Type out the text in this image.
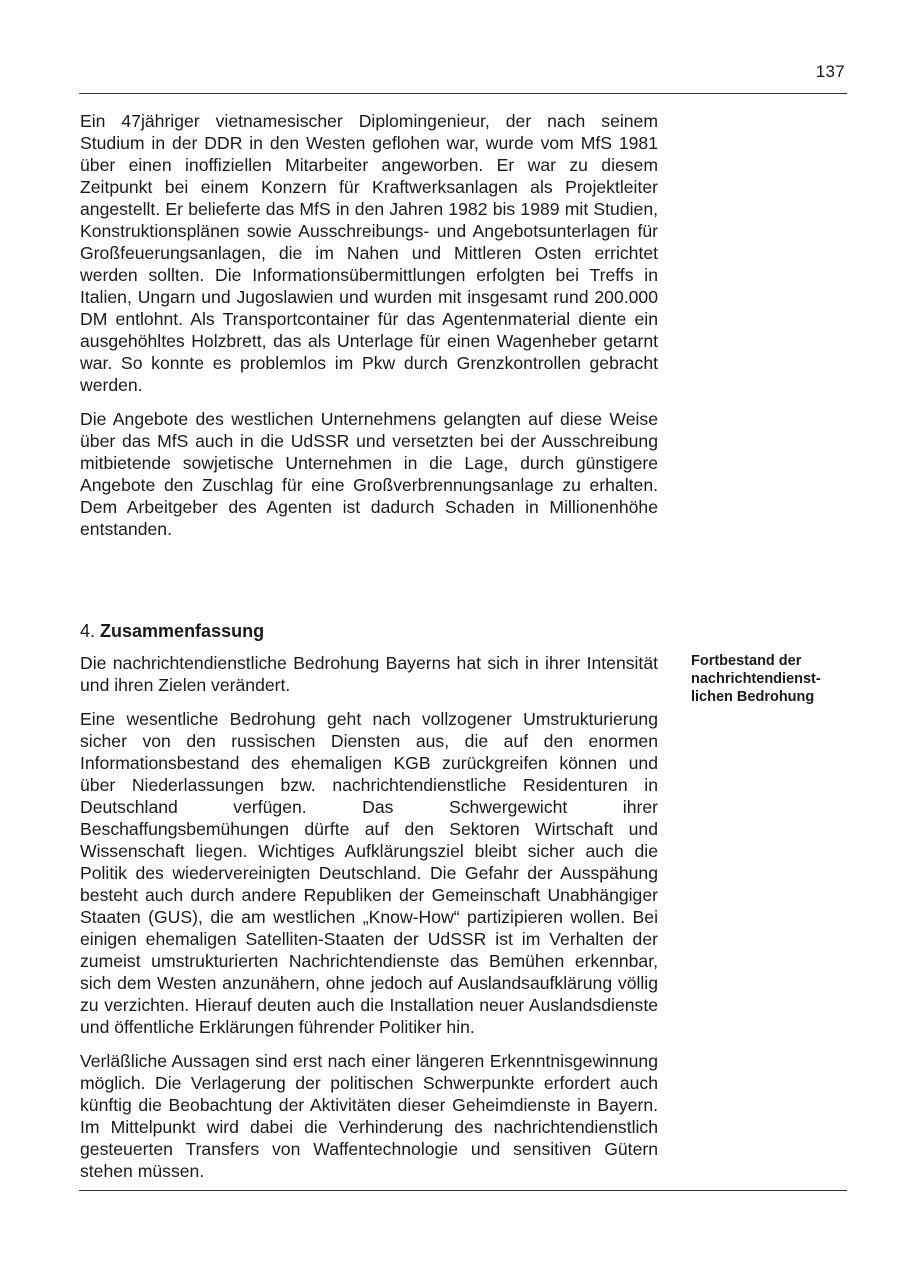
137

Ein 47jähriger vietnamesischer Diplomingenieur, der nach seinem Studium in der DDR in den Westen geflohen war, wurde vom MfS 1981 über einen inoffiziellen Mitarbeiter angeworben. Er war zu diesem Zeitpunkt bei einem Konzern für Kraftwerksanlagen als Projektleiter angestellt. Er belieferte das MfS in den Jahren 1982 bis 1989 mit Studien, Konstruktionsplänen sowie Ausschreibungs- und Angebotsunterlagen für Großfeuerungsanlagen, die im Nahen und Mittleren Osten errichtet werden sollten. Die Informationsübermittlungen erfolgten bei Treffs in Italien, Ungarn und Jugoslawien und wurden mit insgesamt rund 200.000 DM entlohnt. Als Transportcontainer für das Agentenmaterial diente ein ausgehöhltes Holzbrett, das als Unterlage für einen Wagenheber getarnt war. So konnte es problemlos im Pkw durch Grenzkontrollen gebracht werden.

Die Angebote des westlichen Unternehmens gelangten auf diese Weise über das MfS auch in die UdSSR und versetzten bei der Ausschreibung mitbietende sowjetische Unternehmen in die Lage, durch günstigere Angebote den Zuschlag für eine Großverbrennungsanlage zu erhalten. Dem Arbeitgeber des Agenten ist dadurch Schaden in Millionenhöhe entstanden.

4. Zusammenfassung

Die nachrichtendienstliche Bedrohung Bayerns hat sich in ihrer Intensität und ihren Zielen verändert.

Eine wesentliche Bedrohung geht nach vollzogener Umstrukturierung sicher von den russischen Diensten aus, die auf den enormen Informationsbestand des ehemaligen KGB zurückgreifen können und über Niederlassungen bzw. nachrichtendienstliche Residenturen in Deutschland verfügen. Das Schwergewicht ihrer Beschaffungsbemühungen dürfte auf den Sektoren Wirtschaft und Wissenschaft liegen. Wichtiges Aufklärungsziel bleibt sicher auch die Politik des wiedervereinigten Deutschland. Die Gefahr der Ausspähung besteht auch durch andere Republiken der Gemeinschaft Unabhängiger Staaten (GUS), die am westlichen „Know-How“ partizipieren wollen. Bei einigen ehemaligen Satelliten-Staaten der UdSSR ist im Verhalten der zumeist umstrukturierten Nachrichtendienste das Bemühen erkennbar, sich dem Westen anzunähern, ohne jedoch auf Auslandsaufklärung völlig zu verzichten. Hierauf deuten auch die Installation neuer Auslandsdienste und öffentliche Erklärungen führender Politiker hin.

Verläßliche Aussagen sind erst nach einer längeren Erkenntnisgewinnung möglich. Die Verlagerung der politischen Schwerpunkte erfordert auch künftig die Beobachtung der Aktivitäten dieser Geheimdienste in Bayern. Im Mittelpunkt wird dabei die Verhinderung des nachrichtendienstlich gesteuerten Transfers von Waffentechnologie und sensitiven Gütern stehen müssen.

Fortbestand der
nachrichtendienst-
lichen Bedrohung
